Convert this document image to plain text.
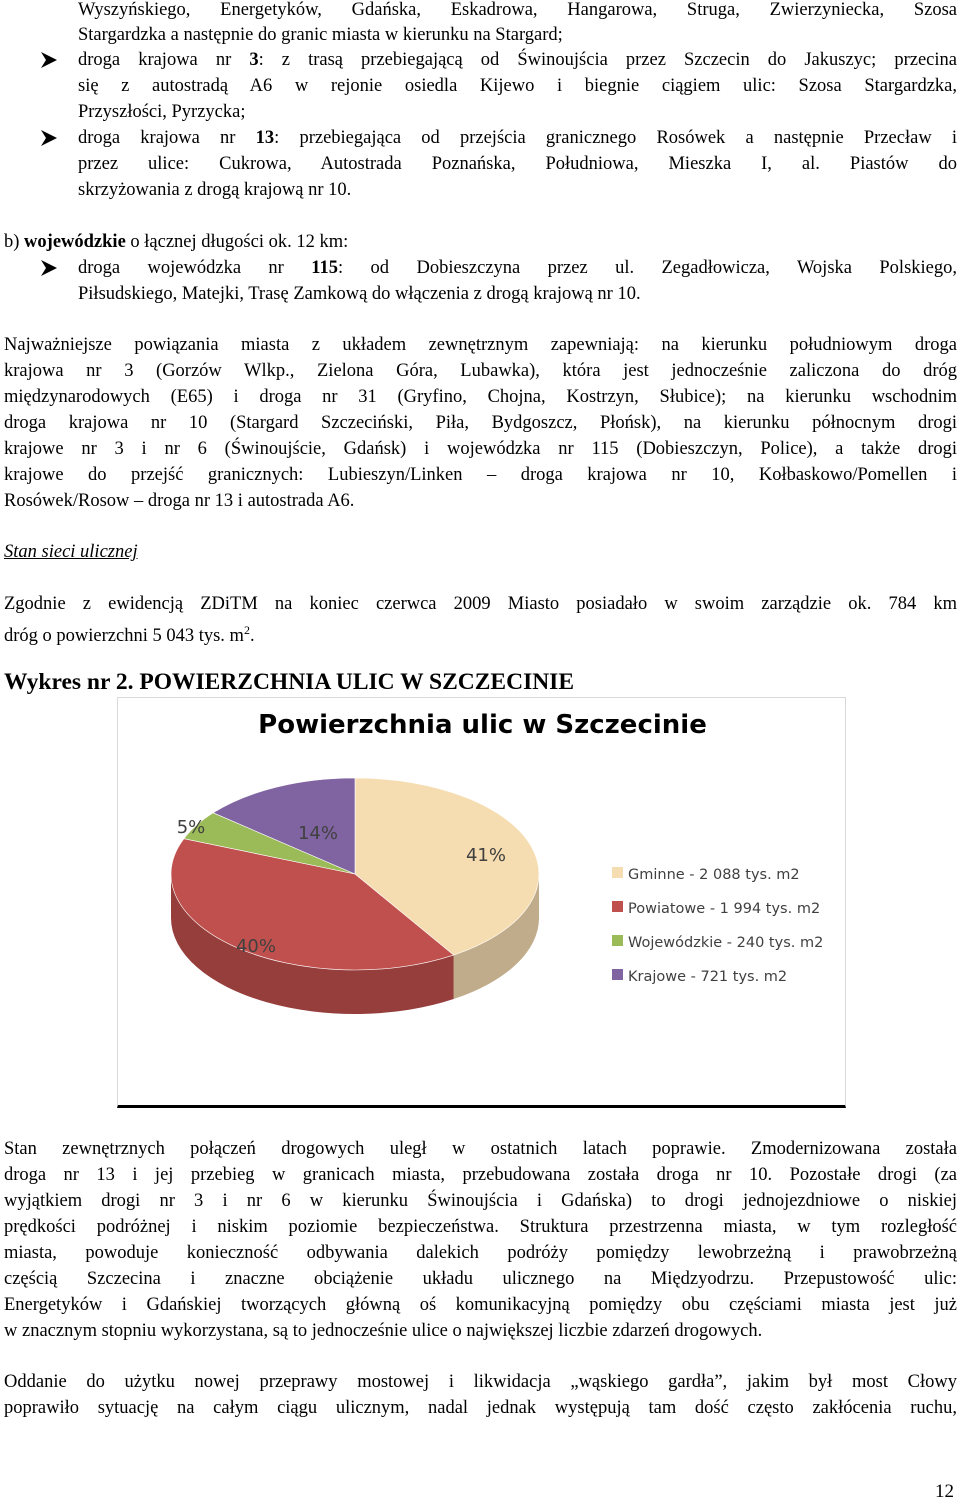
Wyszyńskiego, Energetyków, Gdańska, Eskadrowa, Hangarowa, Struga, Zwierzyniecka, Szosa
Stargardzka a następnie do granic miasta w kierunku na Stargard;
droga krajowa nr 3: z trasą przebiegającą od Świnoujścia przez Szczecin do Jakuszyc; przecina
się z autostradą A6 w rejonie osiedla Kijewo i biegnie ciągiem ulic: Szosa Stargardzka,
Przyszłości, Pyrzycka;
droga krajowa nr 13: przebiegająca od przejścia granicznego Rosówek a następnie Przecław i
przez ulice: Cukrowa, Autostrada Poznańska, Południowa, Mieszka I, al. Piastów do
skrzyżowania z drogą krajową nr 10.
b) wojewódzkie o łącznej długości ok. 12 km:
droga wojewódzka nr 115: od Dobieszczyna przez ul. Zegadłowicza, Wojska Polskiego,
Piłsudskiego, Matejki, Trasę Zamkową do włączenia z drogą krajową nr 10.
Najważniejsze powiązania miasta z układem zewnętrznym zapewniają: na kierunku południowym droga
krajowa nr 3 (Gorzów Wlkp., Zielona Góra, Lubawka), która jest jednocześnie zaliczona do dróg
międzynarodowych (E65) i droga nr 31 (Gryfino, Chojna, Kostrzyn, Słubice); na kierunku wschodnim
droga krajowa nr 10 (Stargard Szczeciński, Piła, Bydgoszcz, Płońsk), na kierunku północnym drogi
krajowe nr 3 i nr 6 (Świnoujście, Gdańsk) i wojewódzka nr 115 (Dobieszczyn, Police), a także drogi
krajowe do przejść granicznych: Lubieszyn/Linken – droga krajowa nr 10, Kołbaskowo/Pomellen i
Rosówek/Rosow – droga nr 13 i autostrada A6.
Stan sieci ulicznej
Zgodnie z ewidencją ZDiTM na koniec czerwca 2009 Miasto posiadało w swoim zarządzie ok. 784 km
dróg o powierzchni 5 043 tys. $m^2$.
Wykres nr 2. POWIERZCHNIA ULIC W SZCZECINIE
Powierzchnia ulic w Szczecinie
41%
40%
5%	14%
Gminne - 2 088 tys. m2
Powiatowe - 1 994 tys. m2
Wojewódzkie - 240 tys. m2
Krajowe - 721 tys. m2
Stan zewnętrznych połączeń drogowych uległ w ostatnich latach poprawie. Zmodernizowana została
droga nr 13 i jej przebieg w granicach miasta, przebudowana została droga nr 10. Pozostałe drogi (za
wyjątkiem drogi nr 3 i nr 6 w kierunku Świnoujścia i Gdańska) to drogi jednojezdniowe o niskiej
prędkości podróżnej i niskim poziomie bezpieczeństwa. Struktura przestrzenna miasta, w tym rozległość
miasta, powoduje konieczność odbywania dalekich podróży pomiędzy lewobrzeżną i prawobrzeżną
częścią Szczecina i znaczne obciążenie układu ulicznego na Międzyodrzu. Przepustowość ulic:
Energetyków i Gdańskiej tworzących główną oś komunikacyjną pomiędzy obu częściami miasta jest już
w znacznym stopniu wykorzystana, są to jednocześnie ulice o największej liczbie zdarzeń drogowych.
Oddanie do użytku nowej przeprawy mostowej i likwidacja „wąskiego gardła”, jakim był most Cłowy
poprawiło sytuację na całym ciągu ulicznym, nadal jednak występują tam dość często zakłócenia ruchu,
12
